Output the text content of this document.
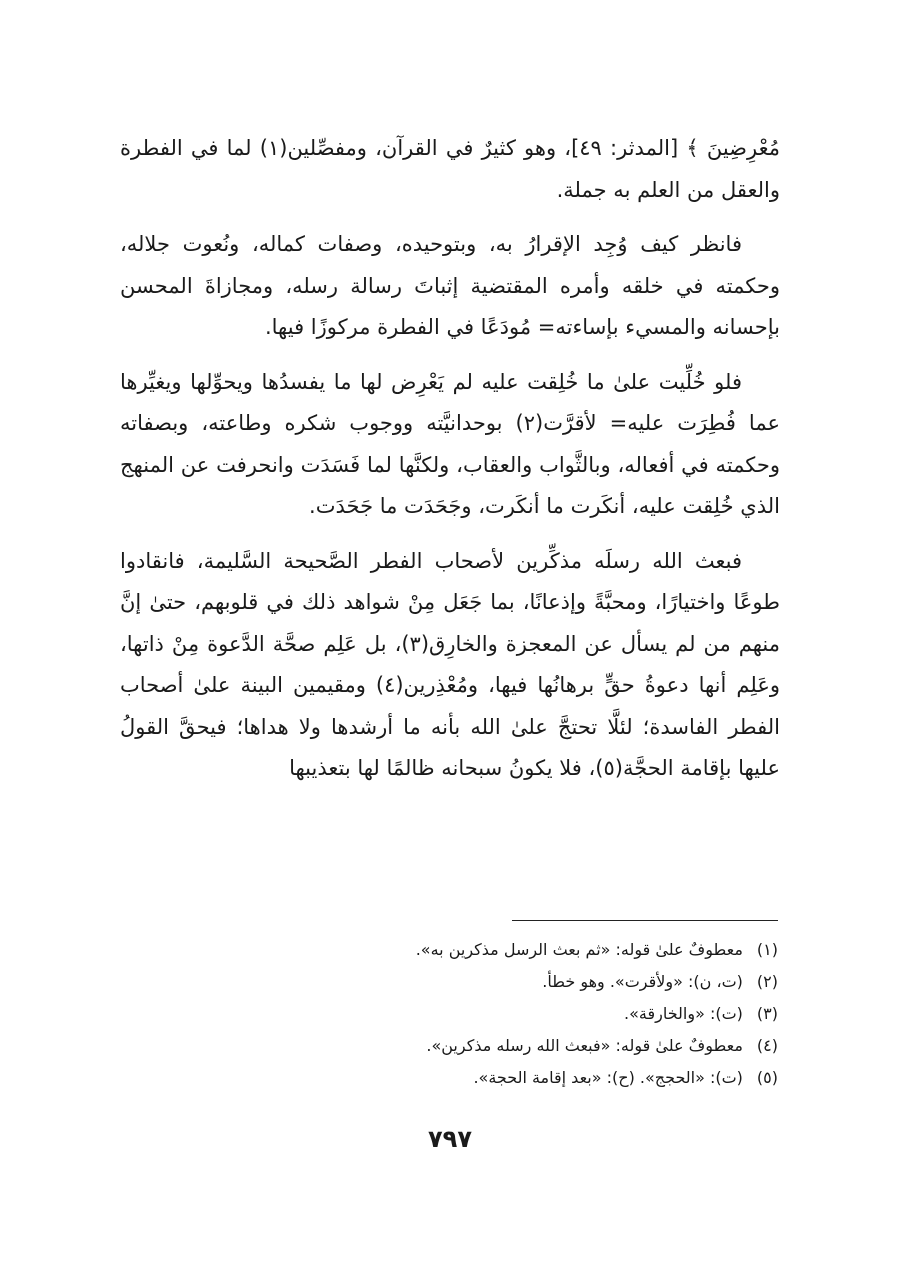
مُعْرِضِينَ ﴾ [المدثر: ٤٩]، وهو كثيرٌ في القرآن، ومفصِّلين(١) لما في الفطرة والعقل من العلم به جملة.

فانظر كيف وُجِد الإقرارُ به، وبتوحيده، وصفات كماله، ونُعوت جلاله، وحكمته في خلقه وأمره المقتضية إثباتَ رسالة رسله، ومجازاةَ المحسن بإحسانه والمسيء بإساءته= مُودَعًا في الفطرة مركوزًا فيها.

فلو خُلِّيت علىٰ ما خُلِقت عليه لم يَعْرِض لها ما يفسدُها ويحوِّلها ويغيِّرها عما فُطِرَت عليه= لأقرَّت(٢) بوحدانيَّته ووجوب شكره وطاعته، وبصفاته وحكمته في أفعاله، وبالثَّواب والعقاب، ولكنَّها لما فَسَدَت وانحرفت عن المنهج الذي خُلِقت عليه، أنكَرت ما أنكَرت، وجَحَدَت ما جَحَدَت.

فبعث الله رسلَه مذكِّرين لأصحاب الفطر الصَّحيحة السَّليمة، فانقادوا طوعًا واختيارًا، ومحبَّةً وإذعانًا، بما جَعَل مِنْ شواهد ذلك في قلوبهم، حتىٰ إنَّ منهم من لم يسأل عن المعجزة والخارِق(٣)، بل عَلِم صحَّة الدَّعوة مِنْ ذاتها، وعَلِم أنها دعوةُ حقٍّ برهانُها فيها، ومُعْذِرين(٤) ومقيمين البينة علىٰ أصحاب الفطر الفاسدة؛ لئلَّا تحتجَّ علىٰ الله بأنه ما أرشدها ولا هداها؛ فيحقَّ القولُ عليها بإقامة الحجَّة(٥)، فلا يكونُ سبحانه ظالمًا لها بتعذيبها

(١)معطوفٌ علىٰ قوله: «ثم بعث الرسل مذكرين به».
(٢)(ت، ن): «ولأقرت». وهو خطأ.
(٣)(ت): «والخارقة».
(٤)معطوفٌ علىٰ قوله: «فبعث الله رسله مذكرين».
(٥)(ت): «الحجج». (ح): «بعد إقامة الحجة».
٧٩٧
